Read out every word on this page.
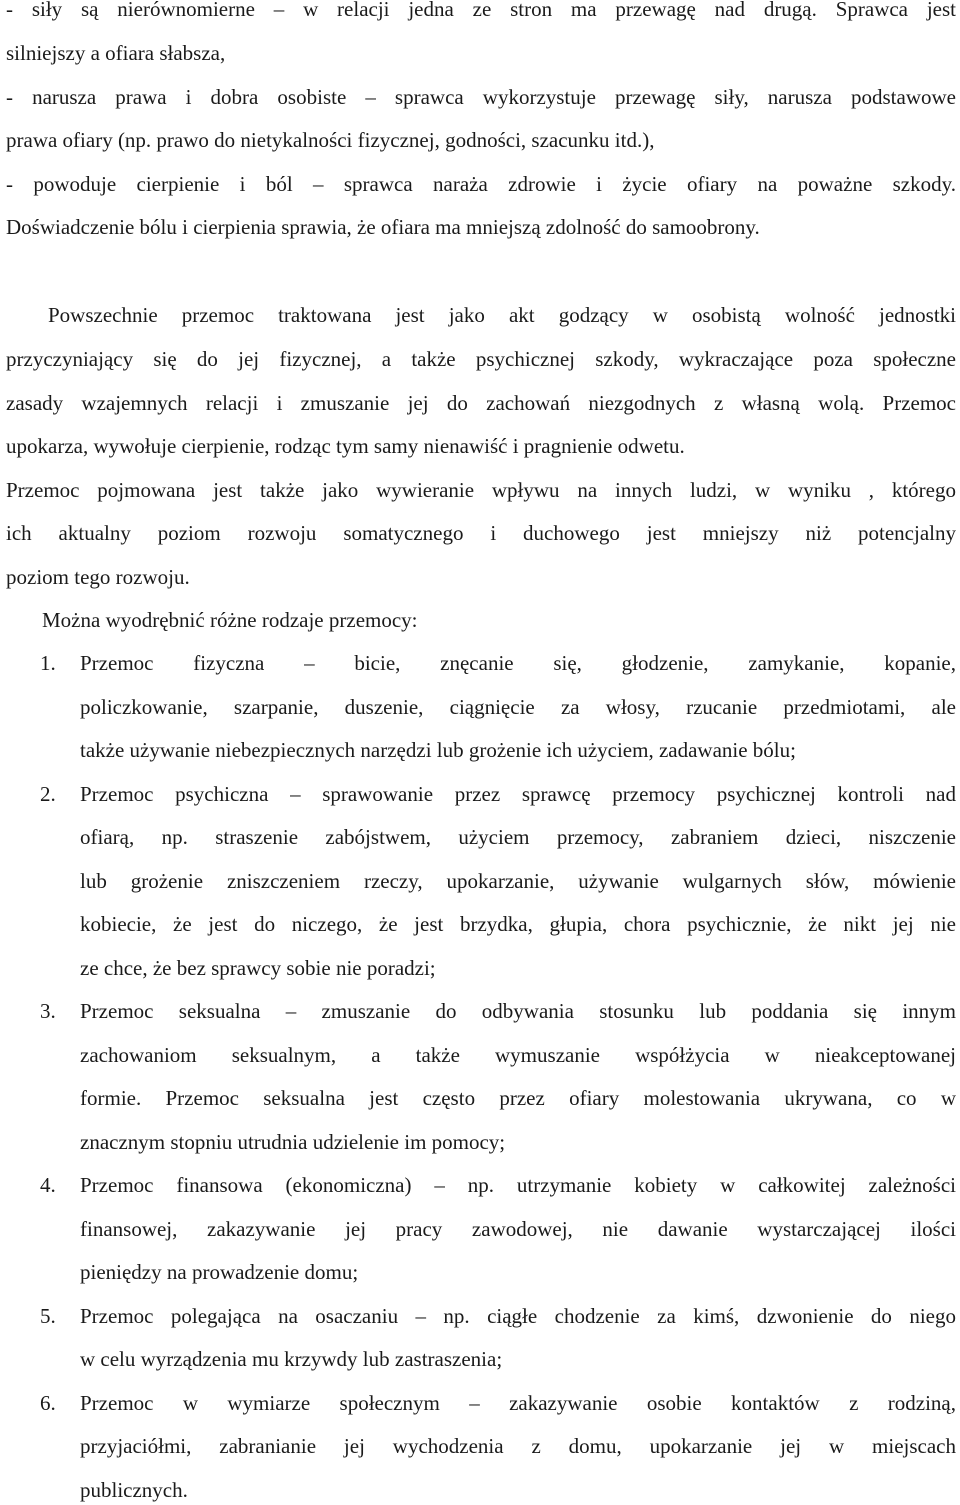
- siły są nierównomierne – w relacji jedna ze stron ma przewagę nad drugą. Sprawca jest
silniejszy a ofiara słabsza,
- narusza prawa i dobra osobiste – sprawca wykorzystuje przewagę siły, narusza podstawowe
prawa ofiary (np. prawo do nietykalności fizycznej, godności, szacunku itd.),
- powoduje cierpienie i ból – sprawca naraża zdrowie i życie ofiary na poważne szkody.
Doświadczenie bólu i cierpienia sprawia, że ofiara ma mniejszą zdolność do samoobrony.
Powszechnie przemoc traktowana jest jako akt godzący w osobistą wolność jednostki
przyczyniający się do jej fizycznej, a także psychicznej szkody, wykraczające poza społeczne
zasady wzajemnych relacji i zmuszanie jej do zachowań niezgodnych z własną wolą. Przemoc
upokarza, wywołuje cierpienie, rodząc tym samy nienawiść i pragnienie odwetu.
Przemoc pojmowana jest także jako wywieranie wpływu na innych ludzi, w wyniku , którego
ich aktualny poziom rozwoju somatycznego i duchowego jest mniejszy niż potencjalny
poziom tego rozwoju.
Można wyodrębnić różne rodzaje przemocy:
1. Przemoc fizyczna – bicie, znęcanie się, głodzenie, zamykanie, kopanie,
policzkowanie, szarpanie, duszenie, ciągnięcie za włosy, rzucanie przedmiotami, ale
także używanie niebezpiecznych narzędzi lub grożenie ich użyciem, zadawanie bólu;
2. Przemoc psychiczna – sprawowanie przez sprawcę przemocy psychicznej kontroli nad
ofiarą, np. straszenie zabójstwem, użyciem przemocy, zabraniem dzieci, niszczenie
lub grożenie zniszczeniem rzeczy, upokarzanie, używanie wulgarnych słów, mówienie
kobiecie, że jest do niczego, że jest brzydka, głupia, chora psychicznie, że nikt jej nie
ze chce, że bez sprawcy sobie nie poradzi;
3. Przemoc seksualna – zmuszanie do odbywania stosunku lub poddania się innym
zachowaniom seksualnym, a także wymuszanie współżycia w nieakceptowanej
formie. Przemoc seksualna jest często przez ofiary molestowania ukrywana, co w
znacznym stopniu utrudnia udzielenie im pomocy;
4. Przemoc finansowa (ekonomiczna) – np. utrzymanie kobiety w całkowitej zależności
finansowej, zakazywanie jej pracy zawodowej, nie dawanie wystarczającej ilości
pieniędzy na prowadzenie domu;
5. Przemoc polegająca na osaczaniu – np. ciągłe chodzenie za kimś, dzwonienie do niego
w celu wyrządzenia mu krzywdy lub zastraszenia;
6. Przemoc w wymiarze społecznym – zakazywanie osobie kontaktów z rodziną,
przyjaciółmi, zabranianie jej wychodzenia z domu, upokarzanie jej w miejscach
publicznych.
